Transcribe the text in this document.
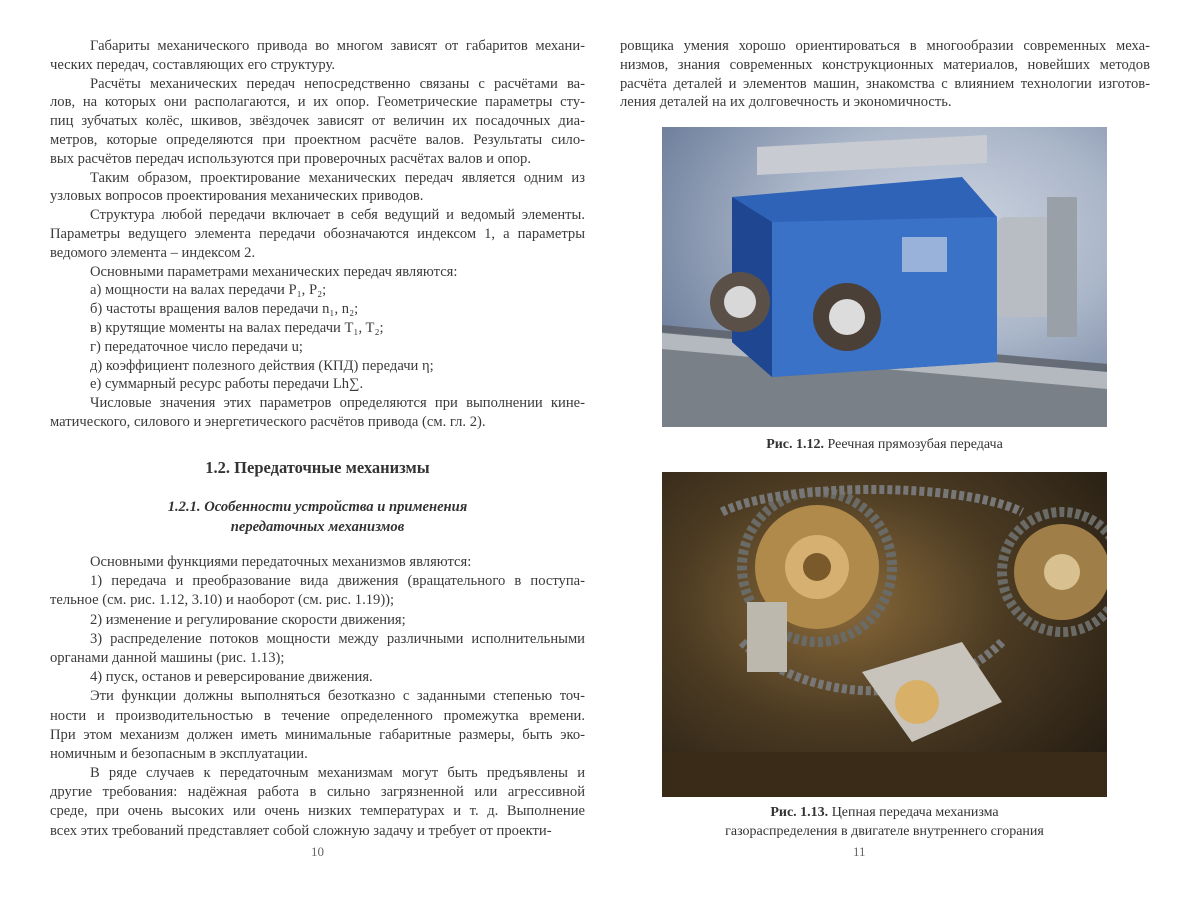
Габариты механического привода во многом зависят от габаритов механи-
ческих передач, составляющих его структуру.
Расчёты механических передач непосредственно связаны с расчётами ва-
лов, на которых они располагаются, и их опор. Геометрические параметры сту-
пиц зубчатых колёс, шкивов, звёздочек зависят от величин их посадочных диа-
метров, которые определяются при проектном расчёте валов. Результаты сило-
вых расчётов передач используются при проверочных расчётах валов и опор.
Таким образом, проектирование механических передач является одним из
узловых вопросов проектирования механических приводов.
Структура любой передачи включает в себя ведущий и ведомый элементы.
Параметры ведущего элемента передачи обозначаются индексом 1, а параметры
ведомого элемента – индексом 2.
Основными параметрами механических передач являются:
а) мощности на валах передачи P₁, P₂;
б) частоты вращения валов передачи n₁, n₂;
в) крутящие моменты на валах передачи T₁, T₂;
г) передаточное число передачи u;
д) коэффициент полезного действия (КПД) передачи η;
е) суммарный ресурс работы передачи Lh∑.
Числовые значения этих параметров определяются при выполнении кине-
матического, силового и энергетического расчётов привода (см. гл. 2).
1.2. Передаточные механизмы
1.2.1. Особенности устройства и применения
передаточных механизмов
Основными функциями передаточных механизмов являются:
1) передача и преобразование вида движения (вращательного в поступа-
тельное (см. рис. 1.12, 3.10) и наоборот (см. рис. 1.19));
2) изменение и регулирование скорости движения;
3) распределение потоков мощности между различными исполнительными
органами данной машины (рис. 1.13);
4) пуск, останов и реверсирование движения.
Эти функции должны выполняться безотказно с заданными степенью точ-
ности и производительностью в течение определенного промежутка времени.
При этом механизм должен иметь минимальные габаритные размеры, быть эко-
номичным и безопасным в эксплуатации.
В ряде случаев к передаточным механизмам могут быть предъявлены и
другие требования: надёжная работа в сильно загрязненной или агрессивной
среде, при очень высоких или очень низких температурах и т. д. Выполнение
всех этих требований представляет собой сложную задачу и требует от проекти-
10
ровщика умения хорошо ориентироваться в многообразии современных меха-
низмов, знания современных конструкционных материалов, новейших методов
расчёта деталей и элементов машин, знакомства с влиянием технологии изготов-
ления деталей на их долговечность и экономичность.
Рис. 1.12. Реечная прямозубая передача
Рис. 1.13. Цепная передача механизма
газораспределения в двигателе внутреннего сгорания
11
